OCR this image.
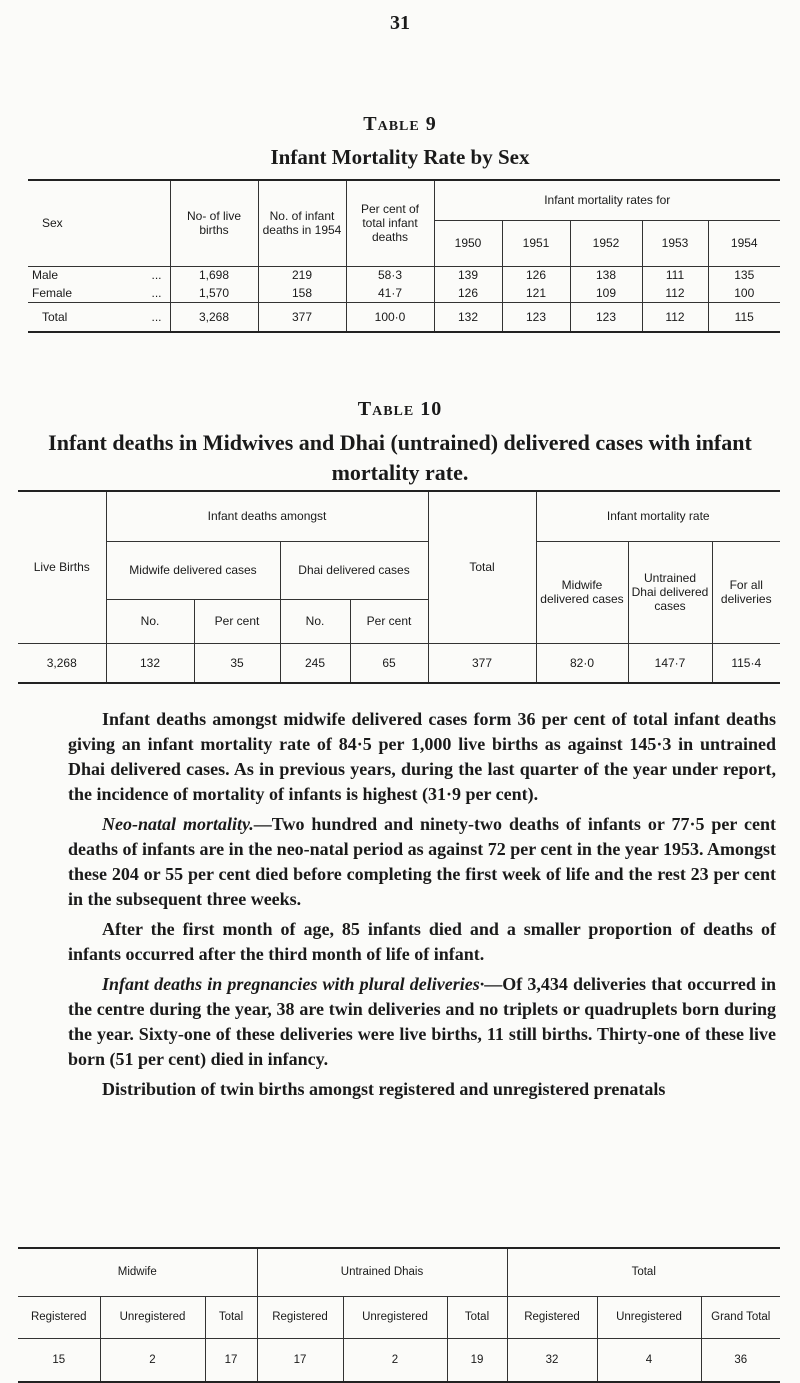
31
Table 9
Infant Mortality Rate by Sex
Sex	No- of live births	No. of infant deaths in 1954	Per cent of total infant deaths	Infant mortality rates for				
				1950	1951	1952	1953	1954
Male ...	1,698	219	58·3	139	126	138	111	135
Female ...	1,570	158	41·7	126	121	109	112	100
Total ...	3,268	377	100·0	132	123	123	112	115
Table 10
Infant deaths in Midwives and Dhai (untrained) delivered cases with infant mortality rate.
Live Births	Infant deaths amongst				Total	Infant mortality rate		
	Midwife delivered cases		Dhai delivered cases			Midwife delivered cases	Untrained Dhai delivered cases	For all deliveries
	No.	Per cent	No.	Per cent				
3,268	132	35	245	65	377	82·0	147·7	115·4

Infant deaths amongst midwife delivered cases form 36 per cent of total infant deaths giving an infant mortality rate of 84·5 per 1,000 live births as against 145·3 in untrained Dhai delivered cases. As in previous years, during the last quarter of the year under report, the incidence of mortality of infants is highest (31·9 per cent).

Neo-natal mortality.—Two hundred and ninety-two deaths of infants or 77·5 per cent deaths of infants are in the neo-natal period as against 72 per cent in the year 1953. Amongst these 204 or 55 per cent died before completing the first week of life and the rest 23 per cent in the subsequent three weeks.

After the first month of age, 85 infants died and a smaller proportion of deaths of infants occurred after the third month of life of infant.

Infant deaths in pregnancies with plural deliveries·—Of 3,434 deliveries that occurred in the centre during the year, 38 are twin deliveries and no triplets or quadruplets born during the year. Sixty-one of these deliveries were live births, 11 still births. Thirty-one of these live born (51 per cent) died in infancy.

Distribution of twin births amongst registered and unregistered prenatals

Midwife			Untrained Dhais			Total		
Registered	Unregistered	Total	Registered	Unregistered	Total	Registered	Unregistered	Grand Total
15	2	17	17	2	19	32	4	36
